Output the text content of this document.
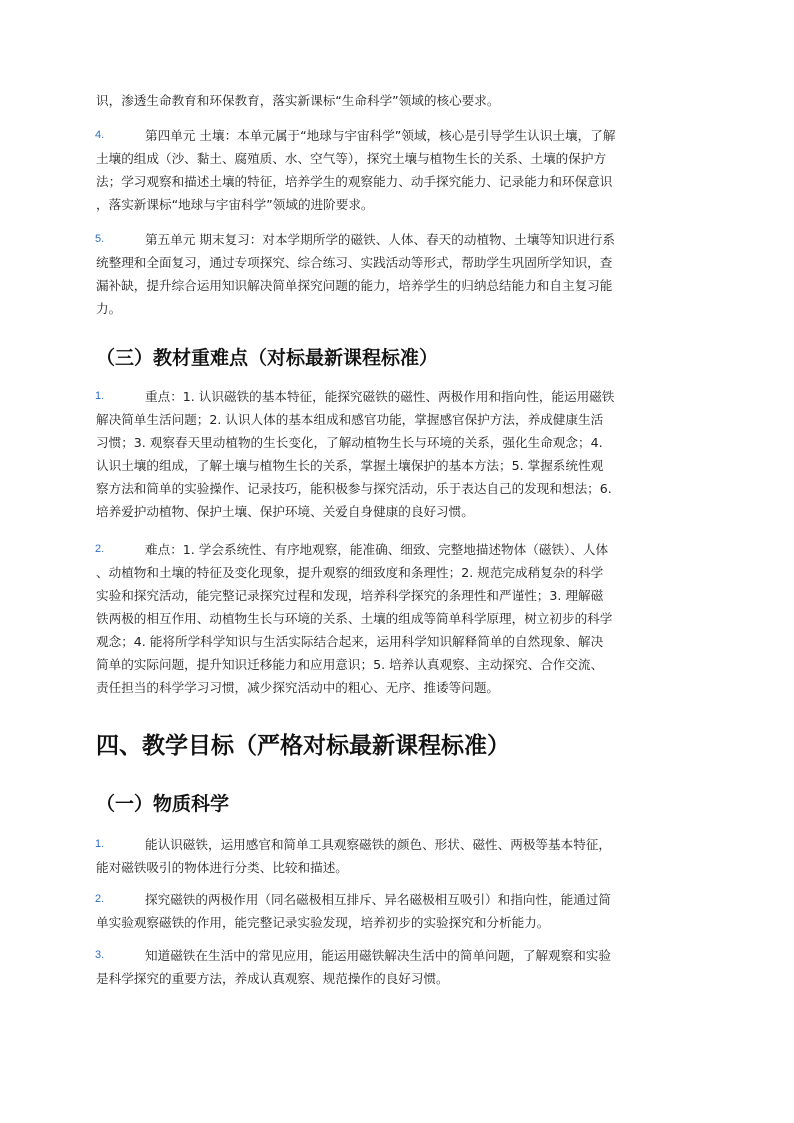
识，渗透生命教育和环保教育，落实新课标“生命科学”领域的核心要求。
4.	第四单元 土壤：本单元属于“地球与宇宙科学”领域，核心是引导学生认识土壤，了解
土壤的组成（沙、黏土、腐殖质、水、空气等），探究土壤与植物生长的关系、土壤的保护方
法；学习观察和描述土壤的特征，培养学生的观察能力、动手探究能力、记录能力和环保意识
，落实新课标“地球与宇宙科学”领域的进阶要求。
5.	第五单元 期末复习：对本学期所学的磁铁、人体、春天的动植物、土壤等知识进行系
统整理和全面复习，通过专项探究、综合练习、实践活动等形式，帮助学生巩固所学知识，查
漏补缺，提升综合运用知识解决简单探究问题的能力，培养学生的归纳总结能力和自主复习能
力。
（三）教材重难点（对标最新课程标准）
1.	重点：1. 认识磁铁的基本特征，能探究磁铁的磁性、两极作用和指向性，能运用磁铁
解决简单生活问题；2. 认识人体的基本组成和感官功能，掌握感官保护方法，养成健康生活
习惯；3. 观察春天里动植物的生长变化，了解动植物生长与环境的关系，强化生命观念；4.
认识土壤的组成，了解土壤与植物生长的关系，掌握土壤保护的基本方法；5. 掌握系统性观
察方法和简单的实验操作、记录技巧，能积极参与探究活动，乐于表达自己的发现和想法；6.
培养爱护动植物、保护土壤、保护环境、关爱自身健康的良好习惯。
2.	难点：1. 学会系统性、有序地观察，能准确、细致、完整地描述物体（磁铁）、人体
、动植物和土壤的特征及变化现象，提升观察的细致度和条理性；2. 规范完成稍复杂的科学
实验和探究活动，能完整记录探究过程和发现，培养科学探究的条理性和严谨性；3. 理解磁
铁两极的相互作用、动植物生长与环境的关系、土壤的组成等简单科学原理，树立初步的科学
观念；4. 能将所学科学知识与生活实际结合起来，运用科学知识解释简单的自然现象、解决
简单的实际问题，提升知识迁移能力和应用意识；5. 培养认真观察、主动探究、合作交流、
责任担当的科学学习习惯，减少探究活动中的粗心、无序、推诿等问题。
四、教学目标（严格对标最新课程标准）
（一）物质科学
1.	能认识磁铁，运用感官和简单工具观察磁铁的颜色、形状、磁性、两极等基本特征，
能对磁铁吸引的物体进行分类、比较和描述。
2.	探究磁铁的两极作用（同名磁极相互排斥、异名磁极相互吸引）和指向性，能通过简
单实验观察磁铁的作用，能完整记录实验发现，培养初步的实验探究和分析能力。
3.	知道磁铁在生活中的常见应用，能运用磁铁解决生活中的简单问题，了解观察和实验
是科学探究的重要方法，养成认真观察、规范操作的良好习惯。
